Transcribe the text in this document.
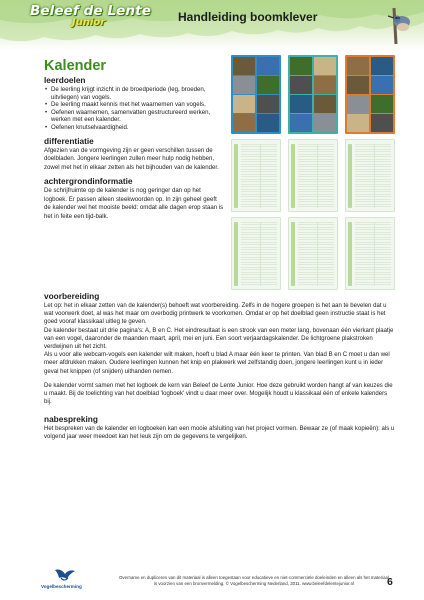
Beleef de Lente
Junior	Handleiding boomklever
Kalender
leerdoelen
• De leerling krijgt inzicht in de broedperiode (leg, broeden, uitvliegen) van vogels.
• De leerling maakt kennis met het waarnemen van vogels.
• Oefenen waarnemen, samenvatten gestructureerd werken, werken met een kalender.
• Oefenen knutselvaardigheid.
differentiatie
Afgezien van de vormgeving zijn er geen verschillen tussen de doelbladen. Jongere leerlingen zullen meer hulp nodig hebben, zowel met het in elkaar zetten als het bijhouden van de kalender.
achtergrondinformatie
De schrijfruimte op de kalender is nog geringer dan op het logboek. Er passen alleen steekwoorden op. In zijn geheel geeft de kalender wel het mooiste beeld: omdat alle dagen erop staan is het in feite een tijd-balk.
voorbereiding
Let op: het in elkaar zetten van de kalender(s) behoeft wat voorbereiding. Zelfs in de hogere groepen is het aan te bevelen dat u wat voorwerk doet, al was het maar om overbodig printwerk te voorkomen. Omdat er op het doelblad geen instructie staat is het goed vooraf klassikaal uitleg te geven.
De kalender bestaat uit drie pagina's: A, B en C. Het eindresultaat is een strook van een meter lang, bovenaan één vierkant plaatje van een vogel, daaronder de maanden maart, april, mei en juni. Een soort verjaardagskalender. De lichtgroene plakstroken verdwijnen uit het zicht.
Als u voor alle webcam-vogels een kalender wilt maken, hoeft u blad A maar één keer te printen. Van blad B en C moet u dan wel meer afdrukken maken. Oudere leerlingen kunnen het knip en plakwerk wel zelfstandig doen, jongere leerlingen kunt u in ieder geval het knippen (of snijden) uithanden nemen.
De kalender vormt samen met het logboek de kern van Beleef de Lente Junior. Hoe deze gebruikt worden hangt af van keuzes die u maakt. Bij de toelichting van het doelblad 'logboek' vindt u daar meer over. Mogelijk houdt u klassikaal één of enkele kalenders bij.
nabespreking
Het bespreken van de kalender en logboeken kan een mooie afsluiting van het project vormen. Bewaar ze (of maak kopieën): als u volgend jaar weer meedoet kan het leuk zijn om de gegevens te vergelijken.
Vogelbescherming
Overname en dupliceren van dit materiaal is alleen toegestaan voor educatieve en niet-commerciële doeleinden en alleen als het materiaal is voorzien van een bronvermelding. © Vogelbescherming Nederland, 2011. www.beleefdelentejunior.nl	6
